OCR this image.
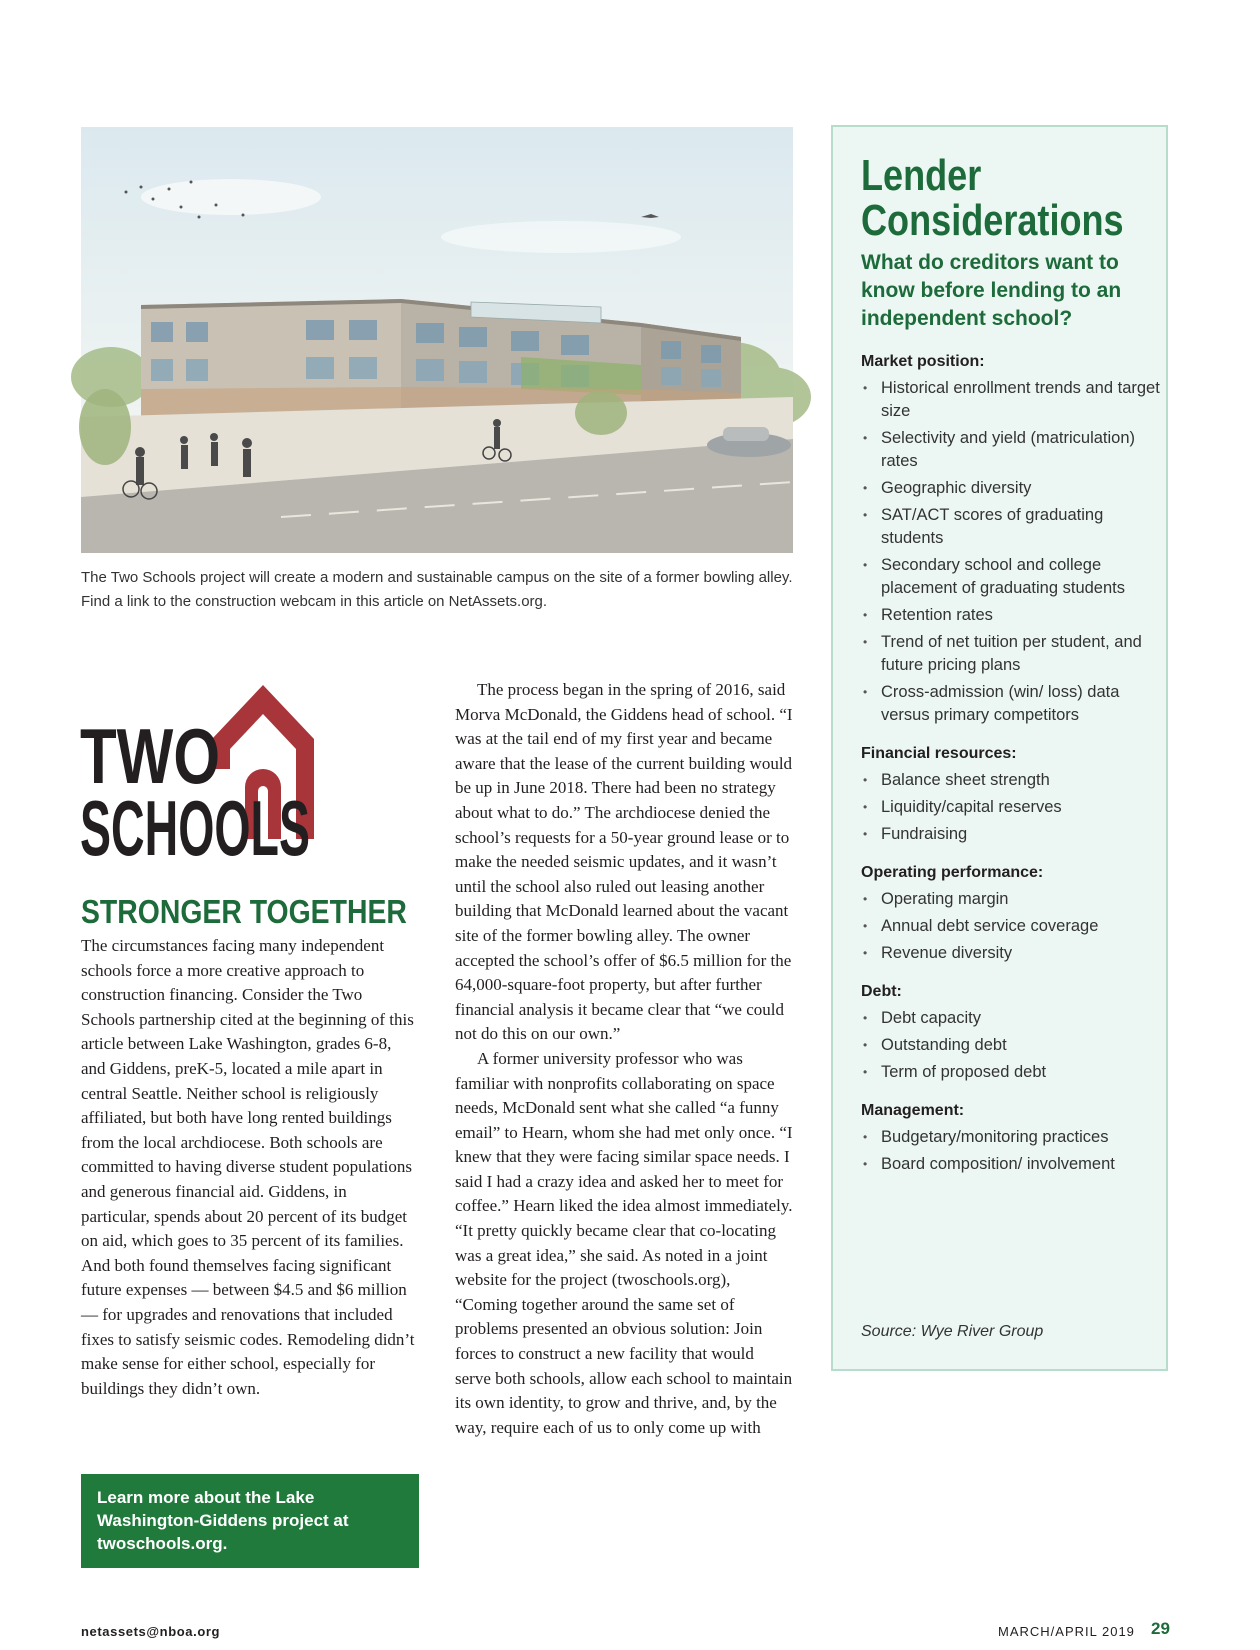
The Two Schools project will create a modern and sustainable campus on the site of a former bowling alley. Find a link to the construction webcam in this article on NetAssets.org.
TWO
SCHOOLS
STRONGER TOGETHER

The circumstances facing many independent schools force a more creative approach to construction financing. Consider the Two Schools partnership cited at the beginning of this article between Lake Washington, grades 6-8, and Giddens, preK-5, located a mile apart in central Seattle. Neither school is religiously affiliated, but both have long rented buildings from the local archdiocese. Both schools are committed to having diverse student populations and generous financial aid. Giddens, in particular, spends about 20 percent of its budget on aid, which goes to 35 percent of its families. And both found themselves facing significant future expenses — between $4.5 and $6 million — for upgrades and renovations that included fixes to satisfy seismic codes. Remodeling didn’t make sense for either school, especially for buildings they didn’t own.

The process began in the spring of 2016, said Morva McDonald, the Giddens head of school. “I was at the tail end of my first year and became aware that the lease of the current building would be up in June 2018. There had been no strategy about what to do.” The archdiocese denied the school’s requests for a 50-year ground lease or to make the needed seismic updates, and it wasn’t until the school also ruled out leasing another building that McDonald learned about the vacant site of the former bowling alley. The owner accepted the school’s offer of $6.5 million for the 64,000-square-foot property, but after further financial analysis it became clear that “we could not do this on our own.”

A former university professor who was familiar with nonprofits collaborating on space needs, McDonald sent what she called “a funny email” to Hearn, whom she had met only once. “I knew that they were facing similar space needs. I said I had a crazy idea and asked her to meet for coffee.” Hearn liked the idea almost immediately. “It pretty quickly became clear that co-locating was a great idea,” she said. As noted in a joint website for the project (twoschools.org), “Coming together around the same set of problems presented an obvious solution: Join forces to construct a new facility that would serve both schools, allow each school to maintain its own identity, to grow and thrive, and, by the way, require each of us to only come up with

Learn more about the Lake Washington-Giddens project at twoschools.org.
Lender
Considerations
What do creditors want to know before lending to an independent school?
Market position:
• Historical enrollment trends and target size
• Selectivity and yield (matriculation) rates
• Geographic diversity
• SAT/ACT scores of graduating students
• Secondary school and college placement of graduating students
• Retention rates
• Trend of net tuition per student, and future pricing plans
• Cross-admission (win/ loss) data versus primary competitors
Financial resources:
• Balance sheet strength
• Liquidity/capital reserves
• Fundraising
Operating performance:
• Operating margin
• Annual debt service coverage
• Revenue diversity
Debt:
• Debt capacity
• Outstanding debt
• Term of proposed debt
Management:
• Budgetary/monitoring practices
• Board composition/ involvement
Source: Wye River Group
netassets@nboa.org	MARCH/APRIL 2019 29
